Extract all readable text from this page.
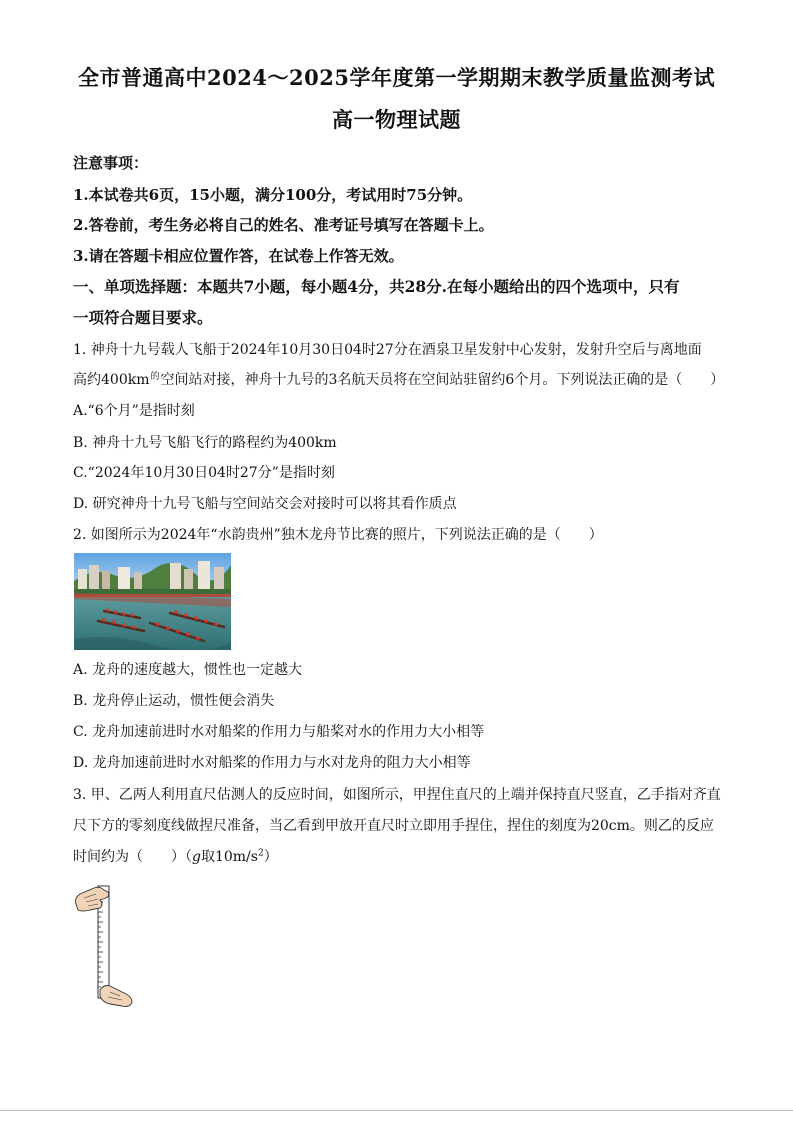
全市普通高中2024～2025学年度第一学期期末教学质量监测考试
高一物理试题
注意事项：
1.本试卷共6页，15小题，满分100分，考试用时75分钟。
2.答卷前，考生务必将自己的姓名、准考证号填写在答题卡上。
3.请在答题卡相应位置作答，在试卷上作答无效。
一、单项选择题：本题共7小题，每小题4分，共28分.在每小题给出的四个选项中，只有
一项符合题目要求。
1. 神舟十九号载人飞船于2024年10月30日04时27分在酒泉卫星发射中心发射，发射升空后与离地面
高约$400km^的$空间站对接，神舟十九号的3名航天员将在空间站驻留约6个月。下列说法正确的是（　　）
A.“6个月”是指时刻
B. 神舟十九号飞船飞行的路程约为400km
C.“2024年10月30日04时27分”是指时刻
D. 研究神舟十九号飞船与空间站交会对接时可以将其看作质点
2. 如图所示为2024年“水韵贵州”独木龙舟节比赛的照片，下列说法正确的是（　　）
A. 龙舟的速度越大，惯性也一定越大
B. 龙舟停止运动，惯性便会消失
C. 龙舟加速前进时水对船桨的作用力与船桨对水的作用力大小相等
D. 龙舟加速前进时水对船桨的作用力与水对龙舟的阻力大小相等
3. 甲、乙两人利用直尺估测人的反应时间，如图所示，甲捏住直尺的上端并保持直尺竖直，乙手指对齐直
尺下方的零刻度线做捏尺准备，当乙看到甲放开直尺时立即用手捏住，捏住的刻度为20cm。则乙的反应
时间约为（　　）（g取$10m/s^2$）
